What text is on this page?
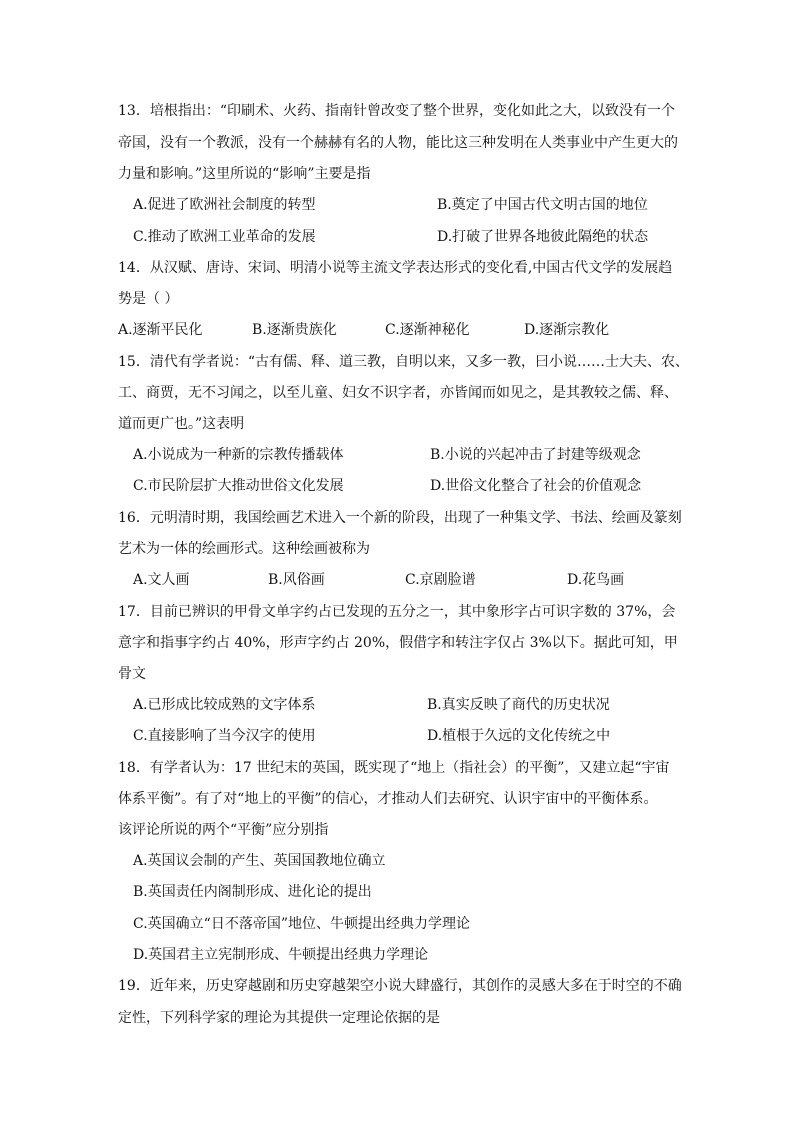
13．培根指出：“印刷术、火药、指南针曾改变了整个世界，变化如此之大，以致没有一个
帝国，没有一个教派，没有一个赫赫有名的人物，能比这三种发明在人类事业中产生更大的
力量和影响。”这里所说的“影响”主要是指
A.促进了欧洲社会制度的转型	B.奠定了中国古代文明古国的地位
C.推动了欧洲工业革命的发展	D.打破了世界各地彼此隔绝的状态
14．从汉赋、唐诗、宋词、明清小说等主流文学表达形式的变化看,中国古代文学的发展趋
势是（ ）
A.逐渐平民化	B.逐渐贵族化	C.逐渐神秘化	D.逐渐宗教化
15．清代有学者说：“古有儒、释、道三教，自明以来，又多一教，曰小说……士大夫、农、
工、商贾，无不习闻之，以至儿童、妇女不识字者，亦皆闻而如见之，是其教较之儒、释、
道而更广也。”这表明
A.小说成为一种新的宗教传播载体	B.小说的兴起冲击了封建等级观念
C.市民阶层扩大推动世俗文化发展	D.世俗文化整合了社会的价值观念
16．元明清时期，我国绘画艺术进入一个新的阶段，出现了一种集文学、书法、绘画及篆刻
艺术为一体的绘画形式。这种绘画被称为
A.文人画	B.风俗画	C.京剧脸谱	D.花鸟画
17．目前已辨识的甲骨文单字约占已发现的五分之一，其中象形字占可识字数的 37%，会
意字和指事字约占 40%，形声字约占 20%，假借字和转注字仅占 3%以下。据此可知，甲
骨文
A.已形成比较成熟的文字体系	B.真实反映了商代的历史状况
C.直接影响了当今汉字的使用	D.植根于久远的文化传统之中
18．有学者认为：17 世纪末的英国，既实现了“地上（指社会）的平衡”，又建立起“宇宙
体系平衡”。有了对“地上的平衡”的信心，才推动人们去研究、认识宇宙中的平衡体系。
该评论所说的两个“平衡”应分别指
A.英国议会制的产生、英国国教地位确立
B.英国责任内阁制形成、进化论的提出
C.英国确立“日不落帝国”地位、牛顿提出经典力学理论
D.英国君主立宪制形成、牛顿提出经典力学理论
19．近年来，历史穿越剧和历史穿越架空小说大肆盛行，其创作的灵感大多在于时空的不确
定性，下列科学家的理论为其提供一定理论依据的是
